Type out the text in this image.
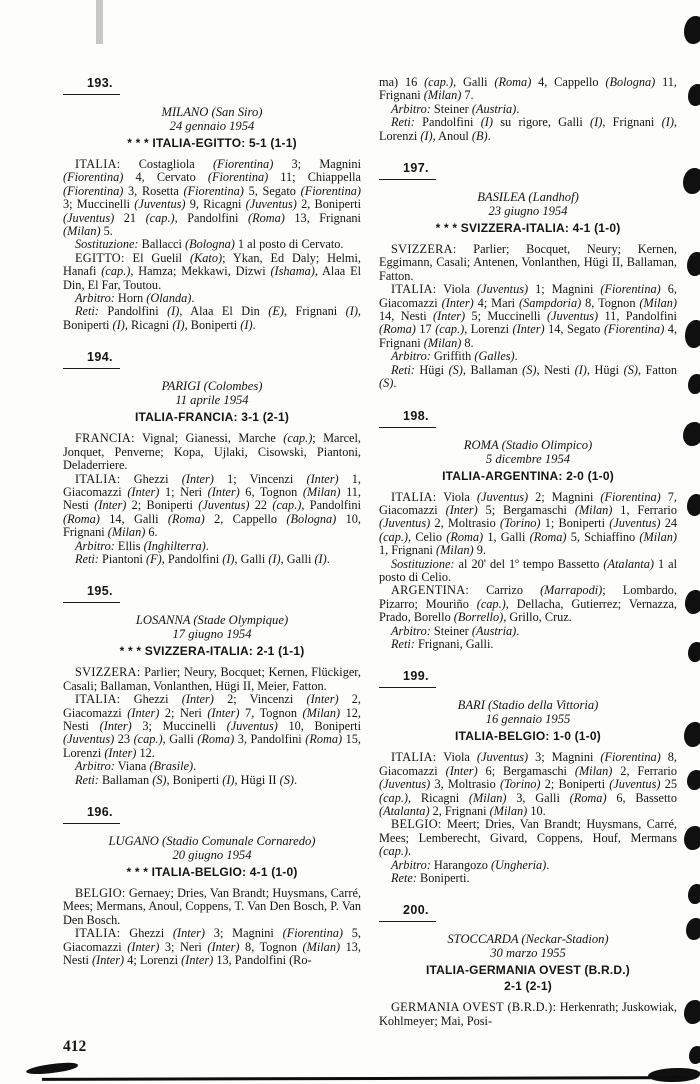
193.
MILANO (San Siro)
24 gennaio 1954
* * * ITALIA-EGITTO: 5-1 (1-1)
ITALIA: Costagliola (Fiorentina) 3; Magnini (Fiorentina) 4, Cervato (Fiorentina) 11; Chiappella (Fiorentina) 3, Rosetta (Fiorentina) 5, Segato (Fiorentina) 3; Muccinelli (Juventus) 9, Ricagni (Juventus) 2, Boniperti (Juventus) 21 (cap.), Pandolfini (Roma) 13, Frignani (Milan) 5.
Sostituzione: Ballacci (Bologna) 1 al posto di Cervato.
EGITTO: El Guelil (Kato); Ykan, Ed Daly; Helmi, Hanafi (cap.), Hamza; Mekkawi, Dizwi (Ishama), Alaa El Din, El Far, Toutou.
Arbitro: Horn (Olanda).
Reti: Pandolfini (I), Alaa El Din (E), Frignani (I), Boniperti (I), Ricagni (I), Boniperti (I).
194.
PARIGI (Colombes)
11 aprile 1954
ITALIA-FRANCIA: 3-1 (2-1)
FRANCIA: Vignal; Gianessi, Marche (cap.); Marcel, Jonquet, Penverne; Kopa, Ujlaki, Cisowski, Piantoni, Deladerriere.
ITALIA: Ghezzi (Inter) 1; Vincenzi (Inter) 1, Giacomazzi (Inter) 1; Neri (Inter) 6, Tognon (Milan) 11, Nesti (Inter) 2; Boniperti (Juventus) 22 (cap.), Pandolfini (Roma) 14, Galli (Roma) 2, Cappello (Bologna) 10, Frignani (Milan) 6.
Arbitro: Ellis (Inghilterra).
Reti: Piantoni (F), Pandolfini (I), Galli (I), Galli (I).
195.
LOSANNA (Stade Olympique)
17 giugno 1954
* * * SVIZZERA-ITALIA: 2-1 (1-1)
SVIZZERA: Parlier; Neury, Bocquet; Kernen, Flückiger, Casali; Ballaman, Vonlanthen, Hügi II, Meier, Fatton.
ITALIA: Ghezzi (Inter) 2; Vincenzi (Inter) 2, Giacomazzi (Inter) 2; Neri (Inter) 7, Tognon (Milan) 12, Nesti (Inter) 3; Muccinelli (Juventus) 10, Boniperti (Juventus) 23 (cap.), Galli (Roma) 3, Pandolfini (Roma) 15, Lorenzi (Inter) 12.
Arbitro: Viana (Brasile).
Reti: Ballaman (S), Boniperti (I), Hügi II (S).
196.
LUGANO (Stadio Comunale Cornaredo)
20 giugno 1954
* * * ITALIA-BELGIO: 4-1 (1-0)
BELGIO: Gernaey; Dries, Van Brandt; Huysmans, Carré, Mees; Mermans, Anoul, Coppens, T. Van Den Bosch, P. Van Den Bosch.
ITALIA: Ghezzi (Inter) 3; Magnini (Fiorentina) 5, Giacomazzi (Inter) 3; Neri (Inter) 8, Tognon (Milan) 13, Nesti (Inter) 4; Lorenzi (Inter) 13, Pandolfini (Ro-
ma) 16 (cap.), Galli (Roma) 4, Cappello (Bologna) 11, Frignani (Milan) 7.
Arbitro: Steiner (Austria).
Reti: Pandolfini (I) su rigore, Galli (I), Frignani (I), Lorenzi (I), Anoul (B).
197.
BASILEA (Landhof)
23 giugno 1954
* * * SVIZZERA-ITALIA: 4-1 (1-0)
SVIZZERA: Parlier; Bocquet, Neury; Kernen, Eggimann, Casali; Antenen, Vonlanthen, Hügi II, Ballaman, Fatton.
ITALIA: Viola (Juventus) 1; Magnini (Fiorentina) 6, Giacomazzi (Inter) 4; Mari (Sampdoria) 8, Tognon (Milan) 14, Nesti (Inter) 5; Muccinelli (Juventus) 11, Pandolfini (Roma) 17 (cap.), Lorenzi (Inter) 14, Segato (Fiorentina) 4, Frignani (Milan) 8.
Arbitro: Griffith (Galles).
Reti: Hügi (S), Ballaman (S), Nesti (I), Hügi (S), Fatton (S).
198.
ROMA (Stadio Olimpico)
5 dicembre 1954
ITALIA-ARGENTINA: 2-0 (1-0)
ITALIA: Viola (Juventus) 2; Magnini (Fiorentina) 7, Giacomazzi (Inter) 5; Bergamaschi (Milan) 1, Ferrario (Juventus) 2, Moltrasio (Torino) 1; Boniperti (Juventus) 24 (cap.), Celio (Roma) 1, Galli (Roma) 5, Schiaffino (Milan) 1, Frignani (Milan) 9.
Sostituzione: al 20' del 1º tempo Bassetto (Atalanta) 1 al posto di Celio.
ARGENTINA: Carrizo (Marrapodi); Lombardo, Pizarro; Mouriño (cap.), Dellacha, Gutierrez; Vernazza, Prado, Borello (Borrello), Grillo, Cruz.
Arbitro: Steiner (Austria).
Reti: Frignani, Galli.
199.
BARI (Stadio della Vittoria)
16 gennaio 1955
ITALIA-BELGIO: 1-0 (1-0)
ITALIA: Viola (Juventus) 3; Magnini (Fiorentina) 8, Giacomazzi (Inter) 6; Bergamaschi (Milan) 2, Ferrario (Juventus) 3, Moltrasio (Torino) 2; Boniperti (Juventus) 25 (cap.), Ricagni (Milan) 3, Galli (Roma) 6, Bassetto (Atalanta) 2, Frignani (Milan) 10.
BELGIO: Meert; Dries, Van Brandt; Huysmans, Carré, Mees; Lemberecht, Givard, Coppens, Houf, Mermans (cap.).
Arbitro: Harangozo (Ungheria).
Rete: Boniperti.
200.
STOCCARDA (Neckar-Stadion)
30 marzo 1955
ITALIA-GERMANIA OVEST (B.R.D.)
2-1 (2-1)
GERMANIA OVEST (B.R.D.): Herkenrath; Juskowiak, Kohlmeyer; Mai, Posi-
412
